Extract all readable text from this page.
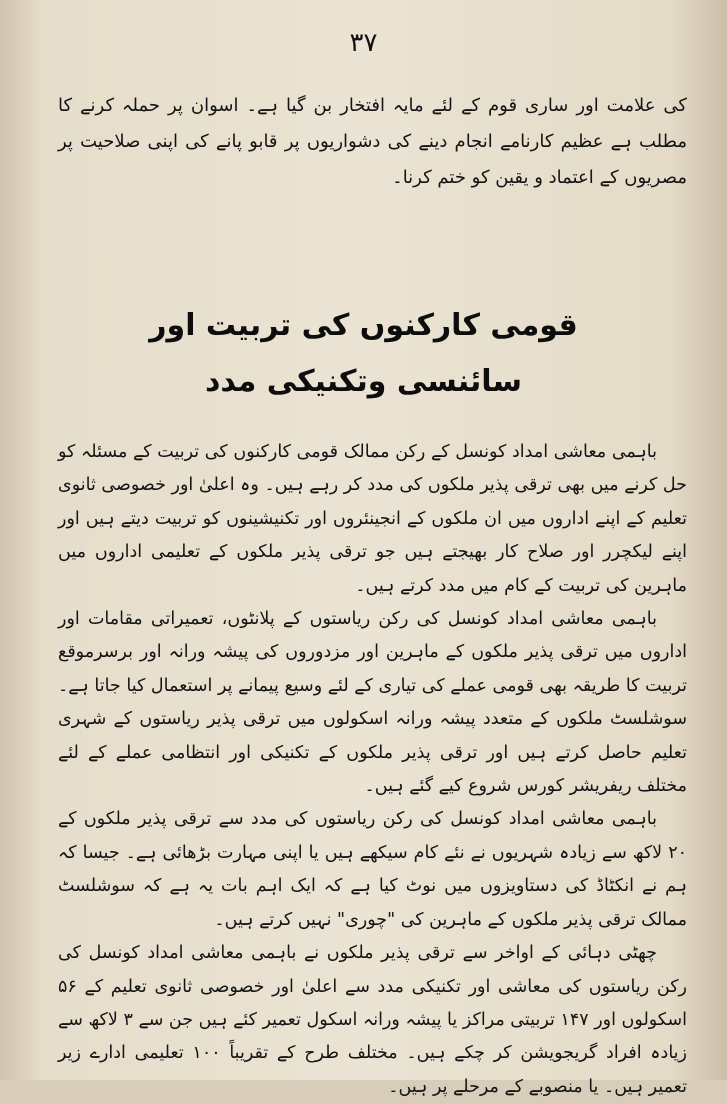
۳۷
کی علامت اور ساری قوم کے لئے مایہ افتخار بن گیا ہے۔ اسوان پر حملہ کرنے کا مطلب ہے عظیم کارنامے انجام دینے کی دشواریوں پر قابو پانے کی اپنی صلاحیت پر مصریوں کے اعتماد و یقین کو ختم کرنا۔
قومی کارکنوں کی تربیت اور
سائنسی وتکنیکی مدد

باہمی معاشی امداد کونسل کے رکن ممالک قومی کارکنوں کی تربیت کے مسئلہ کو حل کرنے میں بھی ترقی پذیر ملکوں کی مدد کر رہے ہیں۔ وہ اعلیٰ اور خصوصی ثانوی تعلیم کے اپنے اداروں میں ان ملکوں کے انجینئروں اور تکنیشینوں کو تربیت دیتے ہیں اور اپنے لیکچرر اور صلاح کار بھیجتے ہیں جو ترقی پذیر ملکوں کے تعلیمی اداروں میں ماہرین کی تربیت کے کام میں مدد کرتے ہیں۔

باہمی معاشی امداد کونسل کی رکن ریاستوں کے پلانٹوں، تعمیراتی مقامات اور اداروں میں ترقی پذیر ملکوں کے ماہرین اور مزدوروں کی پیشہ ورانہ اور برسرموقع تربیت کا طریقہ بھی قومی عملے کی تیاری کے لئے وسیع پیمانے پر استعمال کیا جاتا ہے۔ سوشلسٹ ملکوں کے متعدد پیشہ ورانہ اسکولوں میں ترقی پذیر ریاستوں کے شہری تعلیم حاصل کرتے ہیں اور ترقی پذیر ملکوں کے تکنیکی اور انتظامی عملے کے لئے مختلف ریفریشر کورس شروع کیے گئے ہیں۔

باہمی معاشی امداد کونسل کی رکن ریاستوں کی مدد سے ترقی پذیر ملکوں کے ۲۰ لاکھ سے زیادہ شہریوں نے نئے کام سیکھے ہیں یا اپنی مہارت بڑھائی ہے۔ جیسا کہ ہم نے انکٹاڈ کی دستاویزوں میں نوٹ کیا ہے کہ ایک اہم بات یہ ہے کہ سوشلسٹ ممالک ترقی پذیر ملکوں کے ماہرین کی "چوری" نہیں کرتے ہیں۔

چھٹی دہائی کے اواخر سے ترقی پذیر ملکوں نے باہمی معاشی امداد کونسل کی رکن ریاستوں کی معاشی اور تکنیکی مدد سے اعلیٰ اور خصوصی ثانوی تعلیم کے ۵۶ اسکولوں اور ۱۴۷ تربیتی مراکز یا پیشہ ورانہ اسکول تعمیر کئے ہیں جن سے ۳ لاکھ سے زیادہ افراد گریجویشن کر چکے ہیں۔ مختلف طرح کے تقریباً ۱۰۰ تعلیمی ادارے زیر تعمیر ہیں۔ یا منصوبے کے مرحلے پر ہیں۔
